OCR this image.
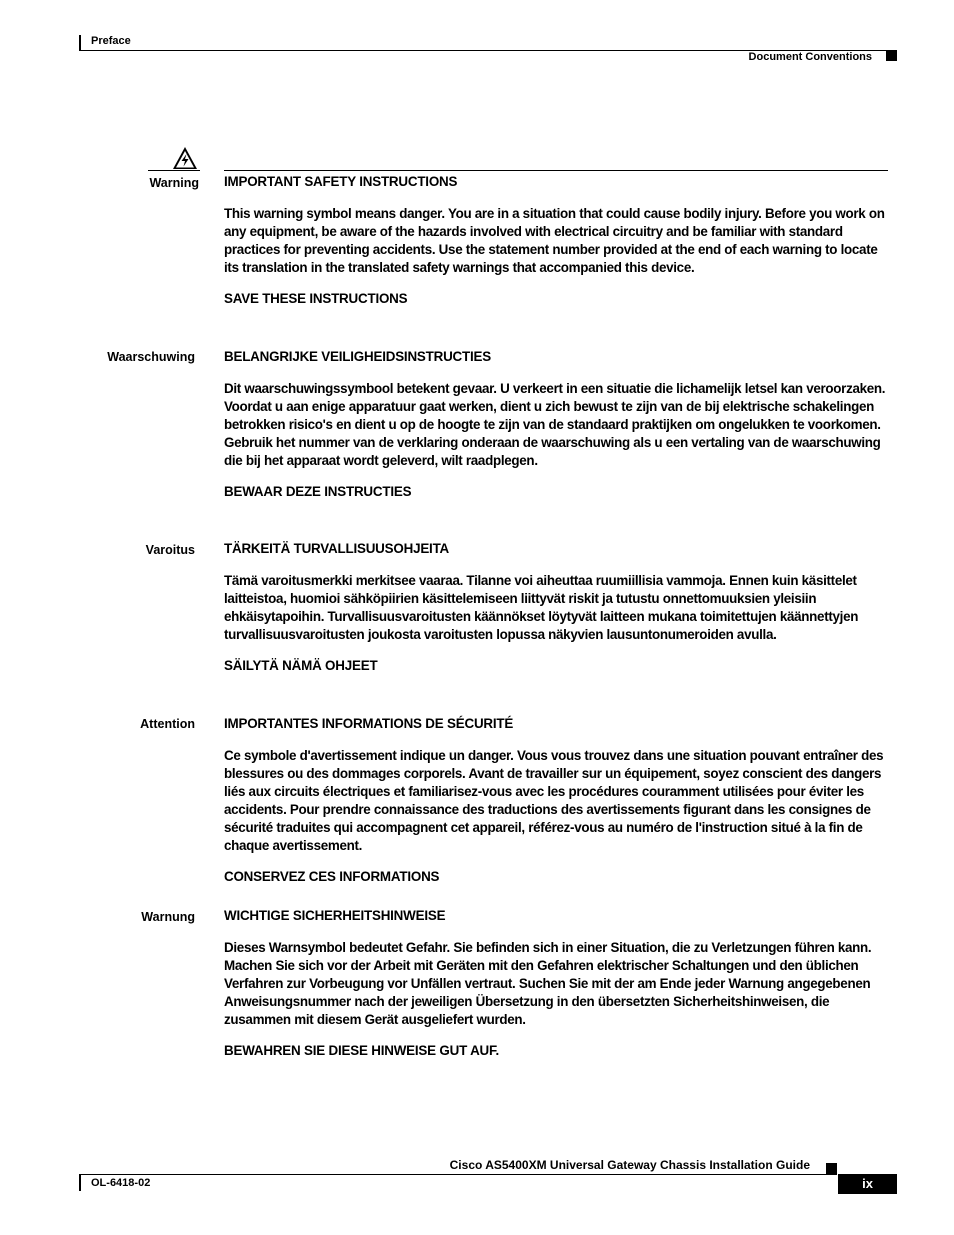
Preface
Document Conventions
Warning IMPORTANT SAFETY INSTRUCTIONS

This warning symbol means danger. You are in a situation that could cause bodily injury. Before you work on any equipment, be aware of the hazards involved with electrical circuitry and be familiar with standard practices for preventing accidents. Use the statement number provided at the end of each warning to locate its translation in the translated safety warnings that accompanied this device.

SAVE THESE INSTRUCTIONS

Waarschuwing BELANGRIJKE VEILIGHEIDSINSTRUCTIES

Dit waarschuwingssymbool betekent gevaar. U verkeert in een situatie die lichamelijk letsel kan veroorzaken. Voordat u aan enige apparatuur gaat werken, dient u zich bewust te zijn van de bij elektrische schakelingen betrokken risico's en dient u op de hoogte te zijn van de standaard praktijken om ongelukken te voorkomen. Gebruik het nummer van de verklaring onderaan de waarschuwing als u een vertaling van de waarschuwing die bij het apparaat wordt geleverd, wilt raadplegen.

BEWAAR DEZE INSTRUCTIES

Varoitus TÄRKEITÄ TURVALLISUUSOHJEITA

Tämä varoitusmerkki merkitsee vaaraa. Tilanne voi aiheuttaa ruumiillisia vammoja. Ennen kuin käsittelet laitteistoa, huomioi sähköpiirien käsittelemiseen liittyvät riskit ja tutustu onnettomuuksien yleisiin ehkäisytapoihin. Turvallisuusvaroitusten käännökset löytyvät laitteen mukana toimitettujen käännettyjen turvallisuusvaroitusten joukosta varoitusten lopussa näkyvien lausuntonumeroiden avulla.

SÄILYTÄ NÄMÄ OHJEET

Attention IMPORTANTES INFORMATIONS DE SÉCURITÉ

Ce symbole d'avertissement indique un danger. Vous vous trouvez dans une situation pouvant entraîner des blessures ou des dommages corporels. Avant de travailler sur un équipement, soyez conscient des dangers liés aux circuits électriques et familiarisez-vous avec les procédures couramment utilisées pour éviter les accidents. Pour prendre connaissance des traductions des avertissements figurant dans les consignes de sécurité traduites qui accompagnent cet appareil, référez-vous au numéro de l'instruction situé à la fin de chaque avertissement.

CONSERVEZ CES INFORMATIONS

Warnung WICHTIGE SICHERHEITSHINWEISE

Dieses Warnsymbol bedeutet Gefahr. Sie befinden sich in einer Situation, die zu Verletzungen führen kann. Machen Sie sich vor der Arbeit mit Geräten mit den Gefahren elektrischer Schaltungen und den üblichen Verfahren zur Vorbeugung vor Unfällen vertraut. Suchen Sie mit der am Ende jeder Warnung angegebenen Anweisungsnummer nach der jeweiligen Übersetzung in den übersetzten Sicherheitshinweisen, die zusammen mit diesem Gerät ausgeliefert wurden.

BEWAHREN SIE DIESE HINWEISE GUT AUF.

Cisco AS5400XM Universal Gateway Chassis Installation Guide
OL-6418-02	ix
